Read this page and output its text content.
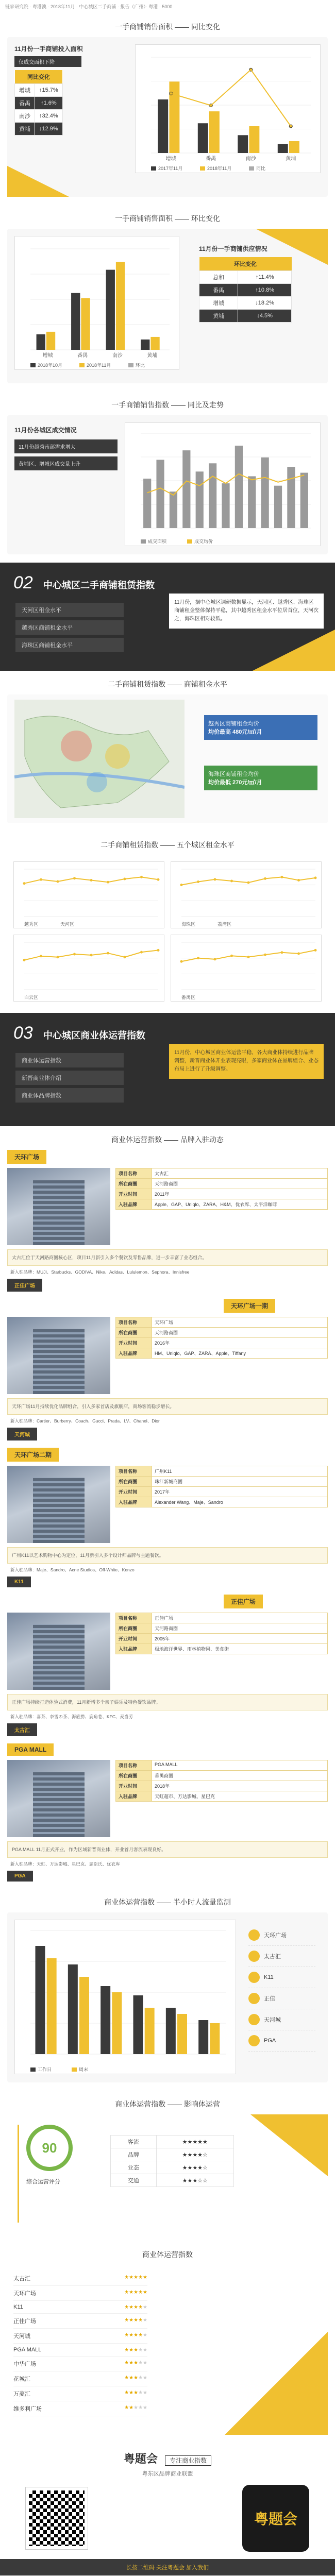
链家研究院 · 粤港澳 · 2018年11月 · 中心城区二手商铺 · 报告（广州）· 粤港 · 5000
一手商铺销售面积 —— 同比变化
11月份一手商铺投入面积
仅成交面积下降
同比变化	
增城	↑15.7%
番禺	↑1.6%
南沙	↑32.4%
黄埔	↓12.9%
增城	番禺	南沙	黄埔
2017年11月	2018年11月	同比
一手商铺销售面积 —— 环比变化
增城	番禺	南沙	黄埔
2018年10月	2018年11月	环比
11月份一手商铺供应情况
环比变化	
总和	↑11.4%
番禺	↑10.8%
增城	↓18.2%
黄埔	↓4.5%
一手商铺销售指数 —— 同比及走势
11月份各城区成交情况
11月份越秀南部需求增大
黄埔区、增城区成交量上升
成交面积	成交均价
02 中心城区二手商铺租赁指数
天河区租金水平
越秀区商铺租金水平
海珠区商铺租金水平
11月份，据中心城区调研数据显示，天河区、越秀区、海珠区商铺租金整体保持平稳，其中越秀区租金水平位居首位，天河次之，海珠区相对较低。
二手商铺租赁指数 —— 商铺租金水平
越秀区商铺租金均价
均价最高 480元/㎡/月
海珠区商铺租金均价
均价最低 270元/㎡/月
二手商铺租赁指数 —— 五个城区租金水平
越秀区	天河区	海珠区	荔湾区
白云区	番禺区
03 中心城区商业体运营指数
商业体运营指数
新晋商业体介绍
商业体品牌指数
11月份，中心城区商业体运营平稳，各大商业体持续进行品牌调整，新晋商业体开业表现亮眼，多家商业体在品牌组合、业态布局上进行了升级调整。
商业体运营指数 —— 品牌入驻动态
天环广场
项目名称	太古汇
所在商圈	天河路商圈
开业时间	2011年
入驻品牌	Apple、GAP、Uniqlo、ZARA、H&M、优衣库、太平洋咖啡
太古汇位于天河路商圈核心区，项目11月新引入多个餐饮及零售品牌，进一步丰富了业态组合。
新入驻品牌：MUJI、Starbucks、GODIVA、Nike、Adidas、Lululemon、Sephora、Innisfree
正佳广场
天环广场一期
项目名称	天环广场
所在商圈	天河路商圈
开业时间	2016年
入驻品牌	HM、Uniqlo、GAP、ZARA、Apple、Tiffany
天环广场11月持续优化品牌组合，引入多家首店及旗舰店，商场客流稳步增长。
新入驻品牌：Cartier、Burberry、Coach、Gucci、Prada、LV、Chanel、Dior
天河城
天环广场二期
项目名称	广州K11
所在商圈	珠江新城商圈
开业时间	2017年
入驻品牌	Alexander Wang、Maje、Sandro
广州K11以艺术购物中心为定位，11月新引入多个设计师品牌与主题餐饮。
新入驻品牌：Maje、Sandro、Acne Studios、Off-White、Kenzo
K11
正佳广场
项目名称	正佳广场
所在商圈	天河路商圈
开业时间	2005年
入驻品牌	极地海洋世界、雨林植物园、美食街
正佳广场持续打造体验式消费，11月新增多个亲子娱乐及特色餐饮品牌。
新入驻品牌：喜茶、奈雪の茶、海底捞、鹿角巷、KFC、麦当劳
太古汇
PGA MALL
项目名称	PGA MALL
所在商圈	番禺商圈
开业时间	2018年
入驻品牌	天虹超市、万达影城、星巴克
PGA MALL 11月正式开业，作为区域新晋商业体，开业首月客流表现良好。
新入驻品牌：天虹、万达影城、星巴克、屈臣氏、优衣库
PGA
商业体运营指数 —— 半小时人流量监测
工作日	周末
天环广场
太古汇
K11
正佳
天河城
PGA
商业体运营指数 —— 影响体运营
90
综合运营评分
客流	★★★★★
品牌	★★★★☆
业态	★★★★☆
交通	★★★☆☆
商业体运营指数
太古汇	★★★★★
天环广场	★★★★★
K11	★★★★★
正佳广场	★★★★★
天河城	★★★★★
PGA MALL	★★★★★
中华广场	★★★★★
花城汇	★★★★★
万菱汇	★★★★★
维多利广场	★★★★★
粤题会 专注商业指数
粤东区品牌商业联盟
粤题会
长按二维码 关注粤题会 加入我们
